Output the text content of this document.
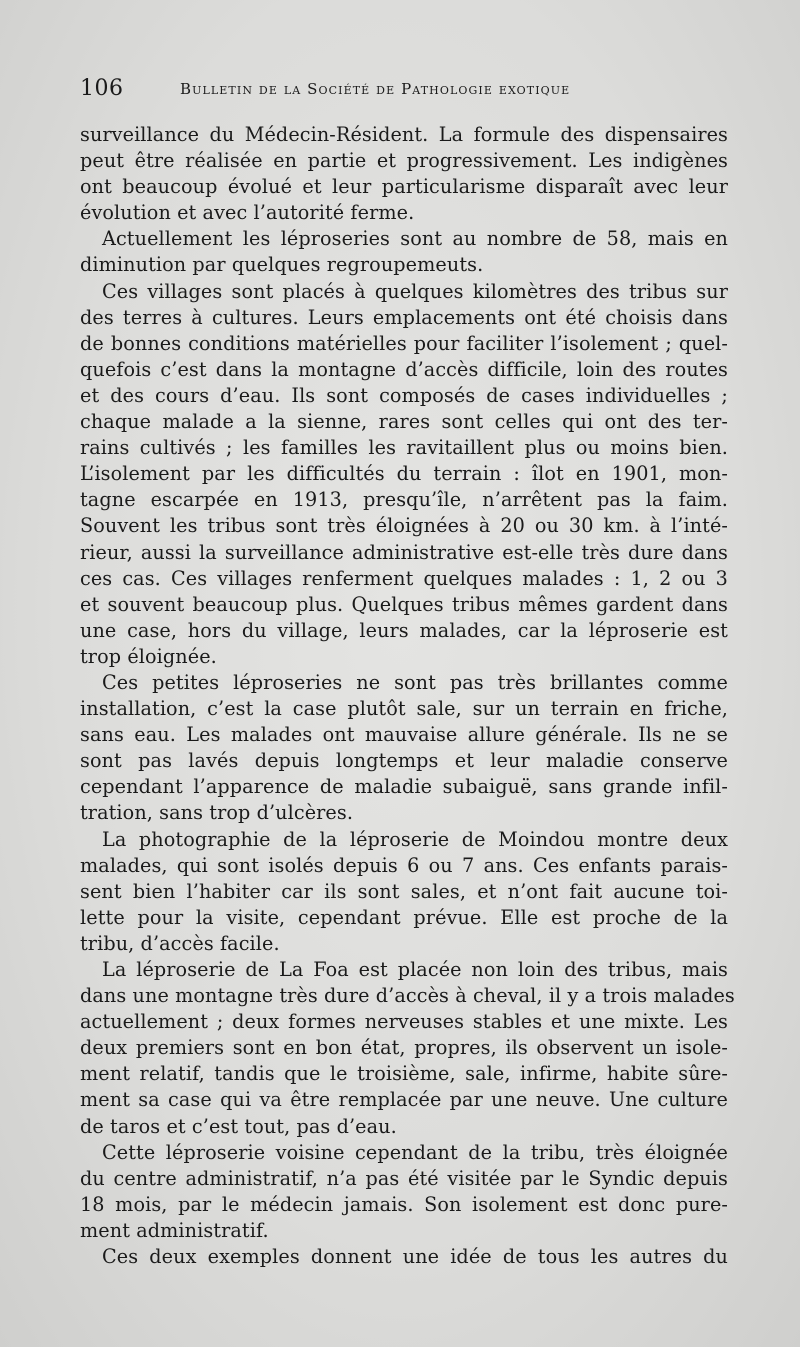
106	Bulletin de la Société de Pathologie exotique
surveillance du Médecin-Résident. La formule des dispensaires
peut être réalisée en partie et progressivement. Les indigènes
ont beaucoup évolué et leur particularisme disparaît avec leur
évolution et avec l’autorité ferme.
Actuellement les léproseries sont au nombre de 58, mais en
diminution par quelques regroupemeuts.
Ces villages sont placés à quelques kilomètres des tribus sur
des terres à cultures. Leurs emplacements ont été choisis dans
de bonnes conditions matérielles pour faciliter l’isolement ; quel-
quefois c’est dans la montagne d’accès difficile, loin des routes
et des cours d’eau. Ils sont composés de cases individuelles ;
chaque malade a la sienne, rares sont celles qui ont des ter-
rains cultivés ; les familles les ravitaillent plus ou moins bien.
L’isolement par les difficultés du terrain : îlot en 1901, mon-
tagne escarpée en 1913, presqu’île, n’arrêtent pas la faim.
Souvent les tribus sont très éloignées à 20 ou 30 km. à l’inté-
rieur, aussi la surveillance administrative est-elle très dure dans
ces cas. Ces villages renferment quelques malades : 1, 2 ou 3
et souvent beaucoup plus. Quelques tribus mêmes gardent dans
une case, hors du village, leurs malades, car la léproserie est
trop éloignée.
Ces petites léproseries ne sont pas très brillantes comme
installation, c’est la case plutôt sale, sur un terrain en friche,
sans eau. Les malades ont mauvaise allure générale. Ils ne se
sont pas lavés depuis longtemps et leur maladie conserve
cependant l’apparence de maladie subaiguë, sans grande infil-
tration, sans trop d’ulcères.
La photographie de la léproserie de Moindou montre deux
malades, qui sont isolés depuis 6 ou 7 ans. Ces enfants parais-
sent bien l’habiter car ils sont sales, et n’ont fait aucune toi-
lette pour la visite, cependant prévue. Elle est proche de la
tribu, d’accès facile.
La léproserie de La Foa est placée non loin des tribus, mais
dans une montagne très dure d’accès à cheval, il y a trois malades
actuellement ; deux formes nerveuses stables et une mixte. Les
deux premiers sont en bon état, propres, ils observent un isole-
ment relatif, tandis que le troisième, sale, infirme, habite sûre-
ment sa case qui va être remplacée par une neuve. Une culture
de taros et c’est tout, pas d’eau.
Cette léproserie voisine cependant de la tribu, très éloignée
du centre administratif, n’a pas été visitée par le Syndic depuis
18 mois, par le médecin jamais. Son isolement est donc pure-
ment administratif.
Ces deux exemples donnent une idée de tous les autres du
